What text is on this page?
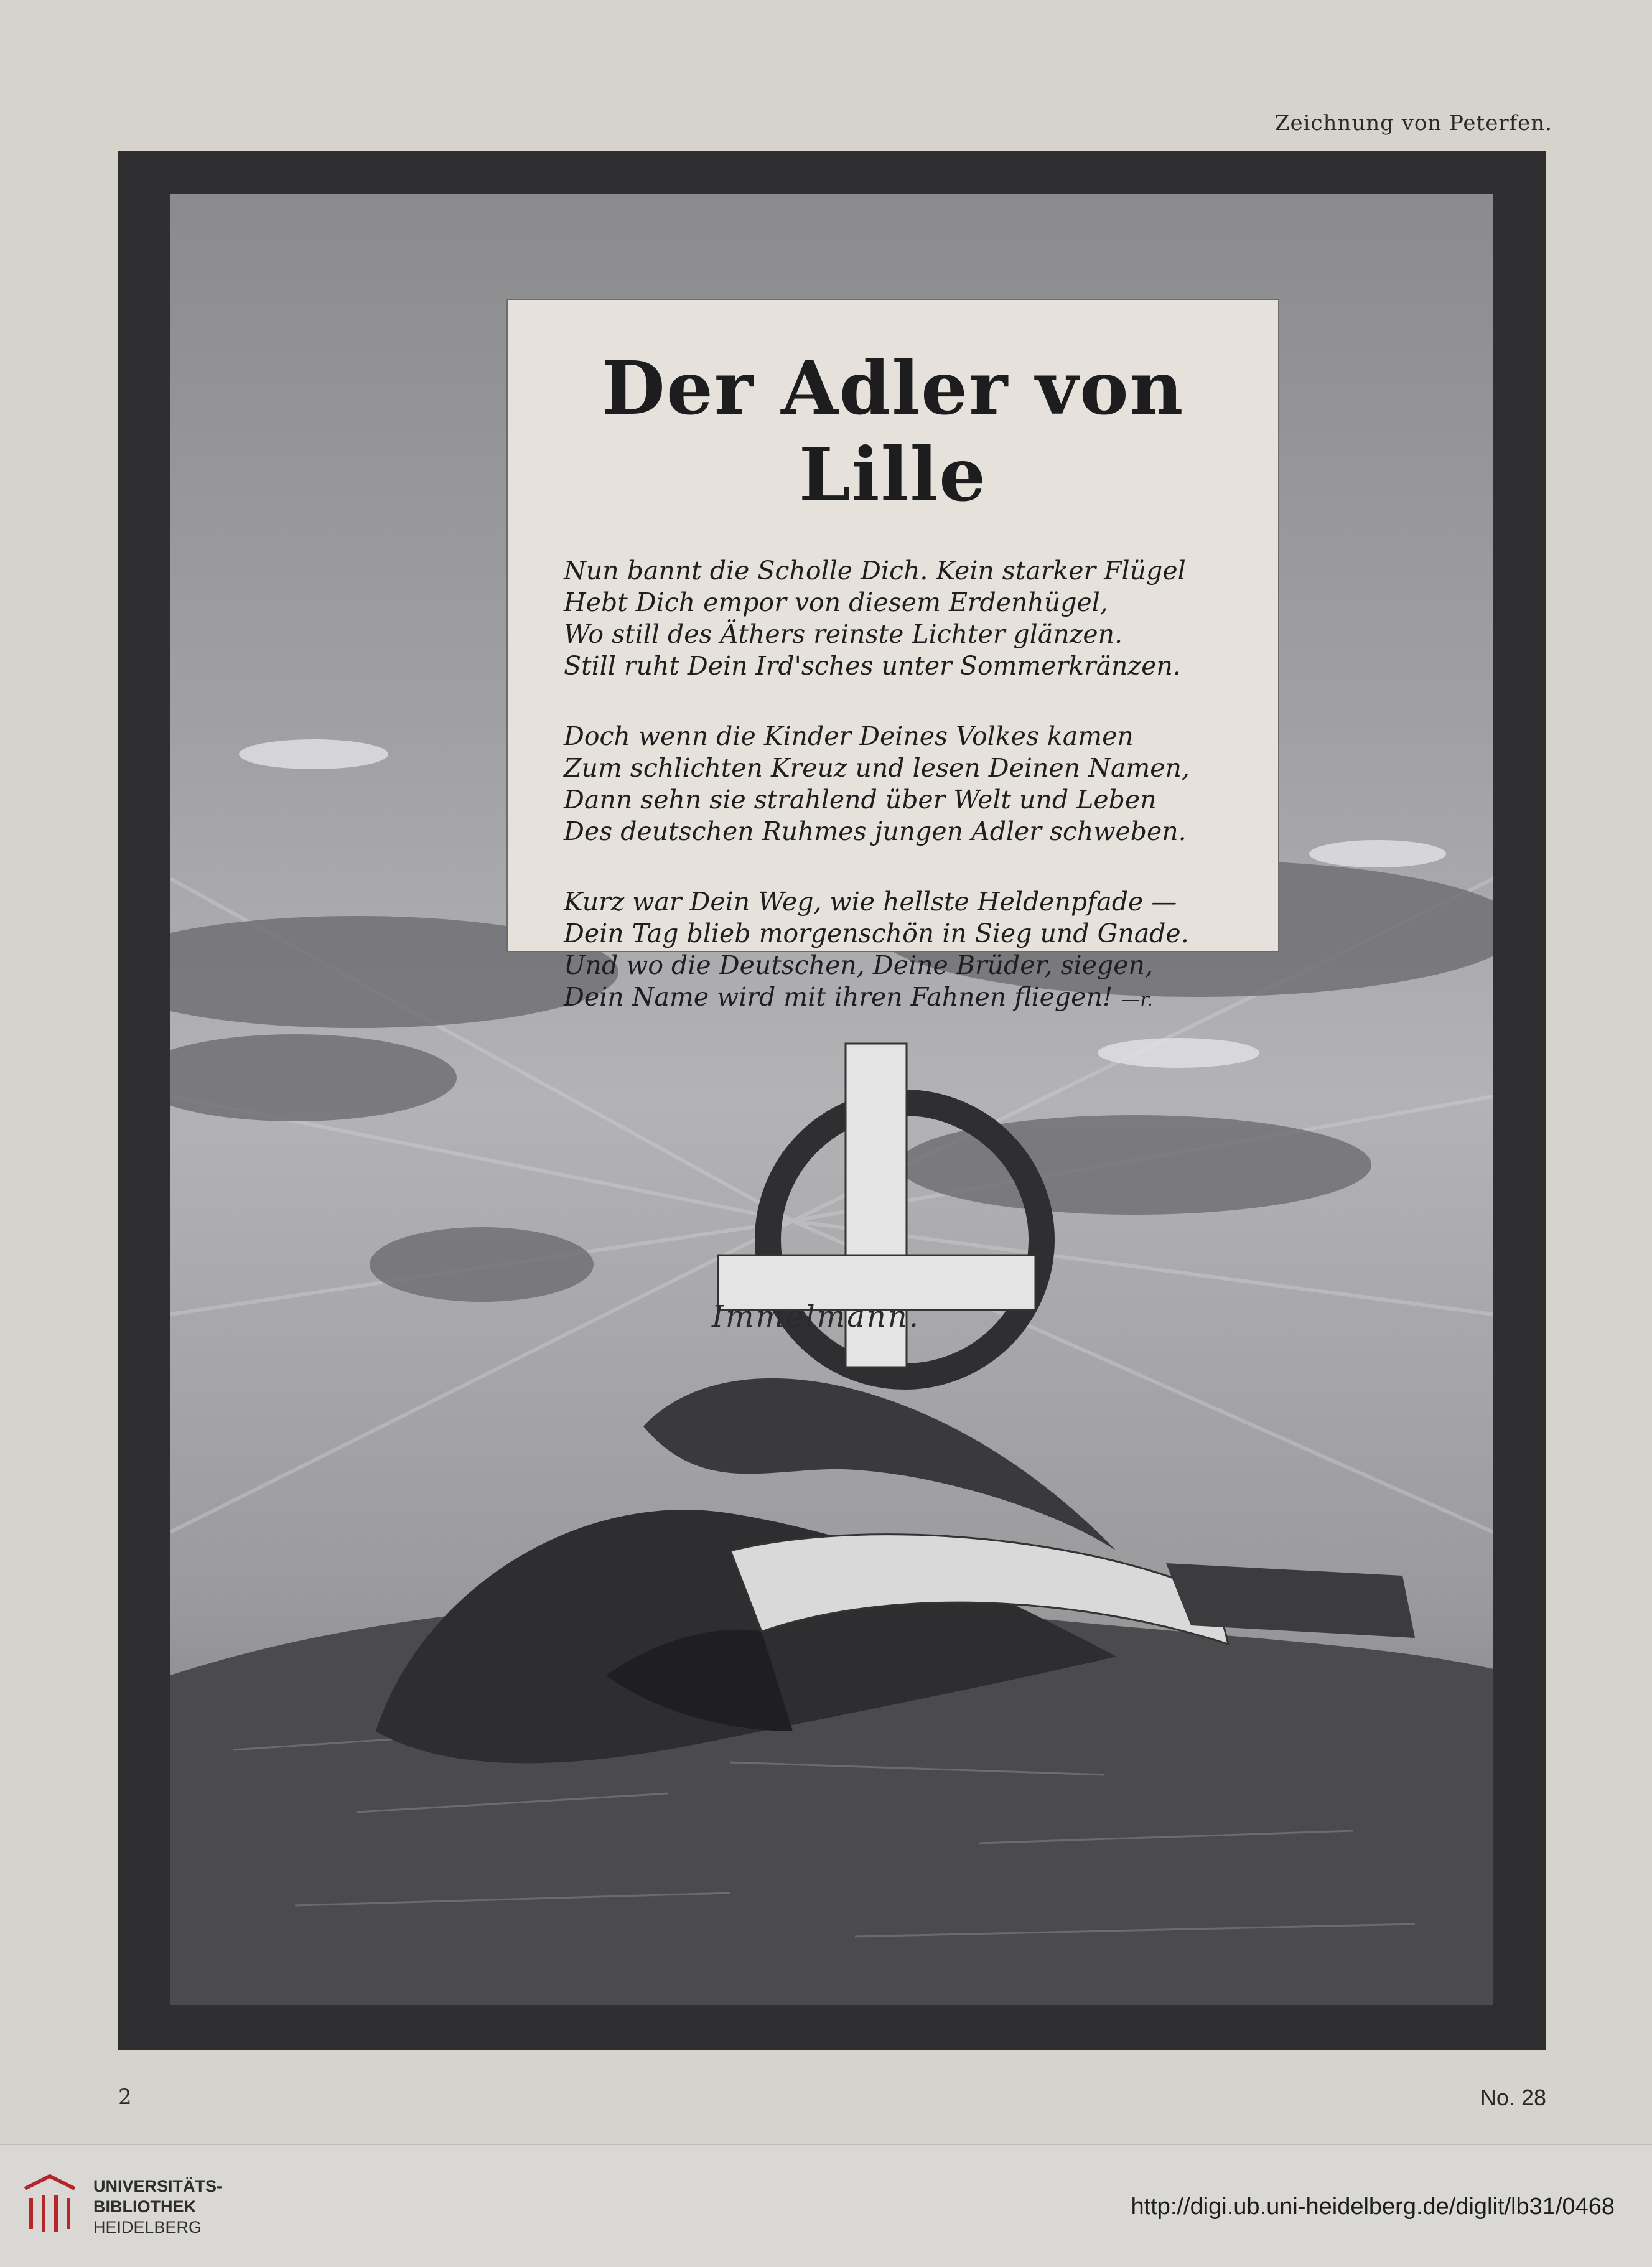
Zeichnung von Peterfen.
Der Adler von Lille
Nun bannt die Scholle Dich. Kein starker Flügel
Hebt Dich empor von diesem Erdenhügel,
Wo still des Äthers reinste Lichter glänzen.
Still ruht Dein Ird'sches unter Sommerkränzen.
Doch wenn die Kinder Deines Volkes kamen
Zum schlichten Kreuz und lesen Deinen Namen,
Dann sehn sie strahlend über Welt und Leben
Des deutschen Ruhmes jungen Adler schweben.
Kurz war Dein Weg, wie hellste Heldenpfade —
Dein Tag blieb morgenschön in Sieg und Gnade.
Und wo die Deutschen, Deine Brüder, siegen,
Dein Name wird mit ihren Fahnen fliegen! —r.
Immelmann.
2	No. 28
UNIVERSITÄTS-
BIBLIOTHEK
HEIDELBERG
http://digi.ub.uni-heidelberg.de/diglit/lb31/0468
